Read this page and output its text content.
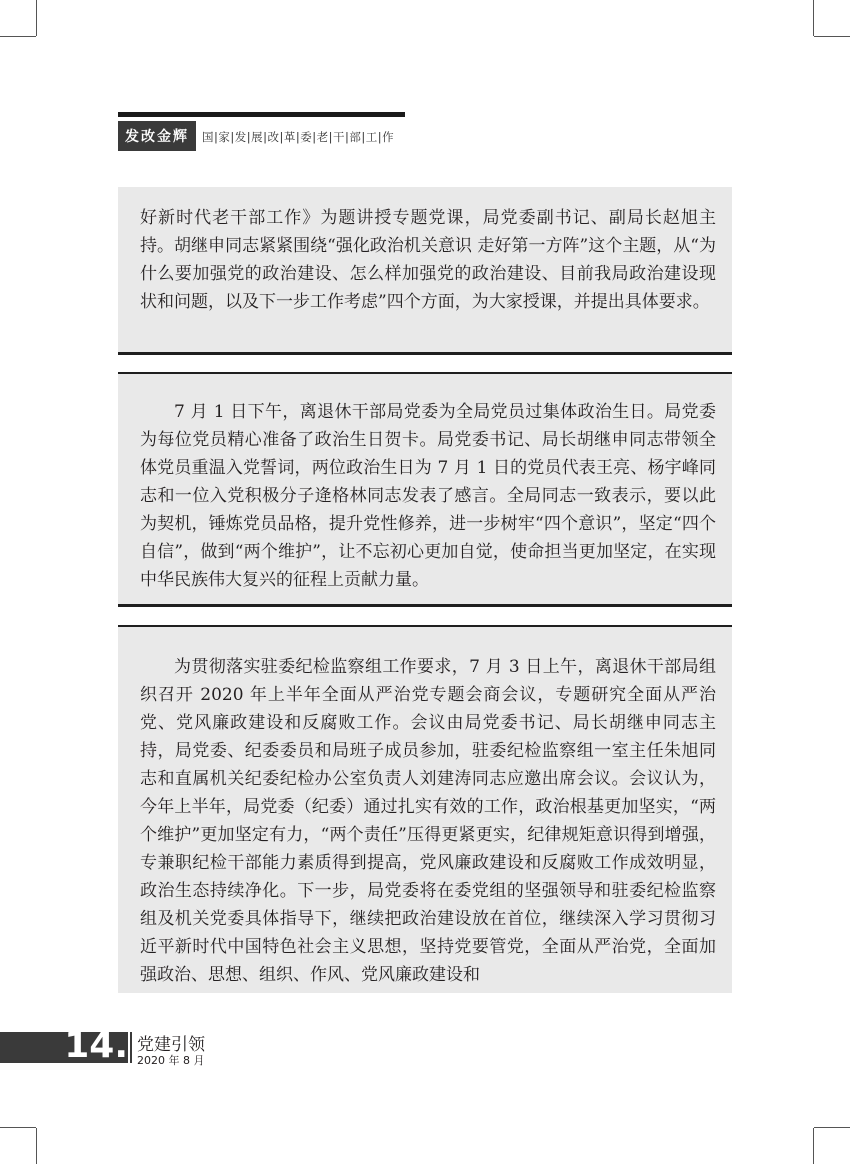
发改金辉	国|家|发|展|改|革|委|老|干|部|工|作

好新时代老干部工作》为题讲授专题党课，局党委副书记、副局长赵旭主持。胡继申同志紧紧围绕“强化政治机关意识 走好第一方阵”这个主题，从“为什么要加强党的政治建设、怎么样加强党的政治建设、目前我局政治建设现状和问题，以及下一步工作考虑”四个方面，为大家授课，并提出具体要求。

7 月 1 日下午，离退休干部局党委为全局党员过集体政治生日。局党委为每位党员精心准备了政治生日贺卡。局党委书记、局长胡继申同志带领全体党员重温入党誓词，两位政治生日为 7 月 1 日的党员代表王亮、杨宇峰同志和一位入党积极分子逄格林同志发表了感言。全局同志一致表示，要以此为契机，锤炼党员品格，提升党性修养，进一步树牢“四个意识”，坚定“四个自信”，做到“两个维护”，让不忘初心更加自觉，使命担当更加坚定，在实现中华民族伟大复兴的征程上贡献力量。

为贯彻落实驻委纪检监察组工作要求，7 月 3 日上午，离退休干部局组织召开 2020 年上半年全面从严治党专题会商会议，专题研究全面从严治党、党风廉政建设和反腐败工作。会议由局党委书记、局长胡继申同志主持，局党委、纪委委员和局班子成员参加，驻委纪检监察组一室主任朱旭同志和直属机关纪委纪检办公室负责人刘建涛同志应邀出席会议。会议认为，今年上半年，局党委（纪委）通过扎实有效的工作，政治根基更加坚实，“两个维护”更加坚定有力，“两个责任”压得更紧更实，纪律规矩意识得到增强，专兼职纪检干部能力素质得到提高，党风廉政建设和反腐败工作成效明显，政治生态持续净化。下一步，局党委将在委党组的坚强领导和驻委纪检监察组及机关党委具体指导下，继续把政治建设放在首位，继续深入学习贯彻习近平新时代中国特色社会主义思想，坚持党要管党，全面从严治党，全面加强政治、思想、组织、作风、党风廉政建设和

14. 党建引领
2020 年 8 月
